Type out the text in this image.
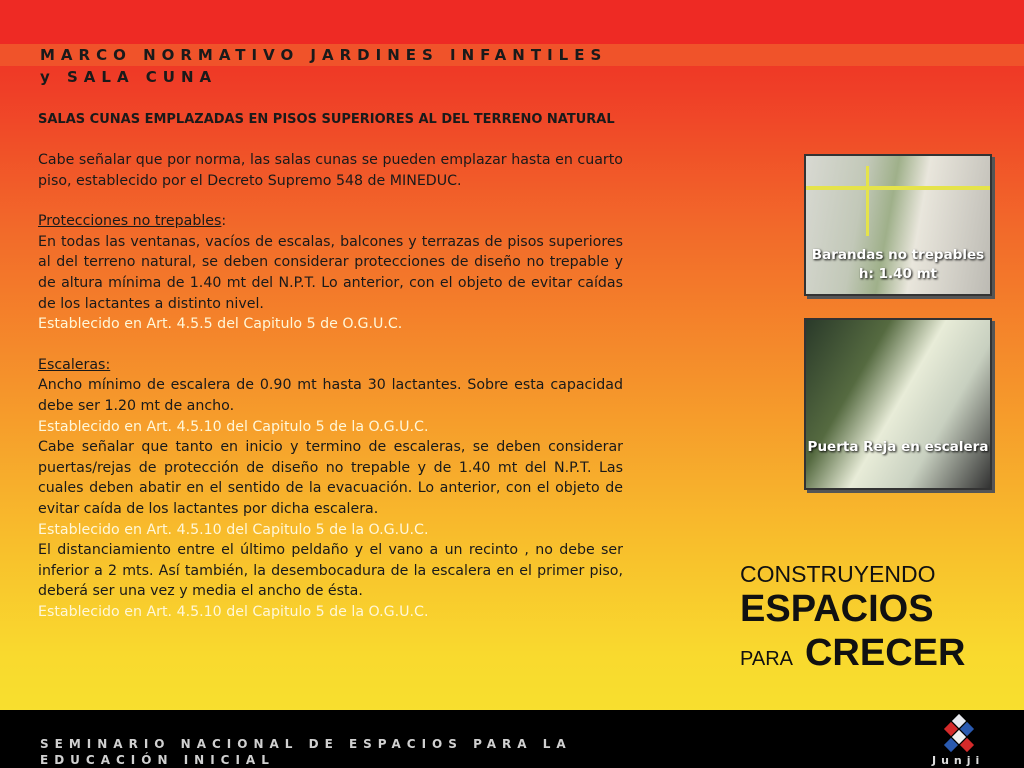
MARCO NORMATIVO JARDINES INFANTILES y SALA CUNA

SALAS CUNAS EMPLAZADAS EN PISOS SUPERIORES AL DEL TERRENO NATURAL

Cabe señalar que por norma, las salas cunas se pueden emplazar hasta en cuarto piso, establecido por el Decreto Supremo 548 de MINEDUC.

Protecciones no trepables:

En todas las ventanas, vacíos de escalas, balcones y terrazas de pisos superiores al del terreno natural, se deben considerar protecciones de diseño no trepable y de altura mínima de 1.40 mt del N.P.T. Lo anterior, con el objeto de evitar caídas de los lactantes a distinto nivel.

Establecido en Art. 4.5.5 del Capitulo 5 de O.G.U.C.

Escaleras:

Ancho mínimo de escalera de 0.90 mt hasta 30 lactantes. Sobre esta capacidad debe ser 1.20 mt de ancho.

Establecido en Art. 4.5.10 del Capitulo 5 de la O.G.U.C.

Cabe señalar que tanto en inicio y termino de escaleras, se deben considerar puertas/rejas de protección de diseño no trepable y de 1.40 mt del N.P.T. Las cuales deben abatir en el sentido de la evacuación. Lo anterior, con el objeto de evitar caída de los lactantes por dicha escalera.

Establecido en Art. 4.5.10 del Capitulo 5 de la O.G.U.C.

El distanciamiento entre el último peldaño y el vano a un recinto , no debe ser inferior a 2 mts. Así también, la desembocadura de la escalera en el primer piso, deberá ser una vez y media el ancho de ésta.

Establecido en Art. 4.5.10 del Capitulo 5 de la O.G.U.C.

Barandas no trepables h: 1.40 mt
Puerta Reja en escalera
CONSTRUYENDO
ESPACIOS
PARA CRECER
SEMINARIO NACIONAL DE ESPACIOS PARA LA EDUCACIÓN INICIAL	Junji
